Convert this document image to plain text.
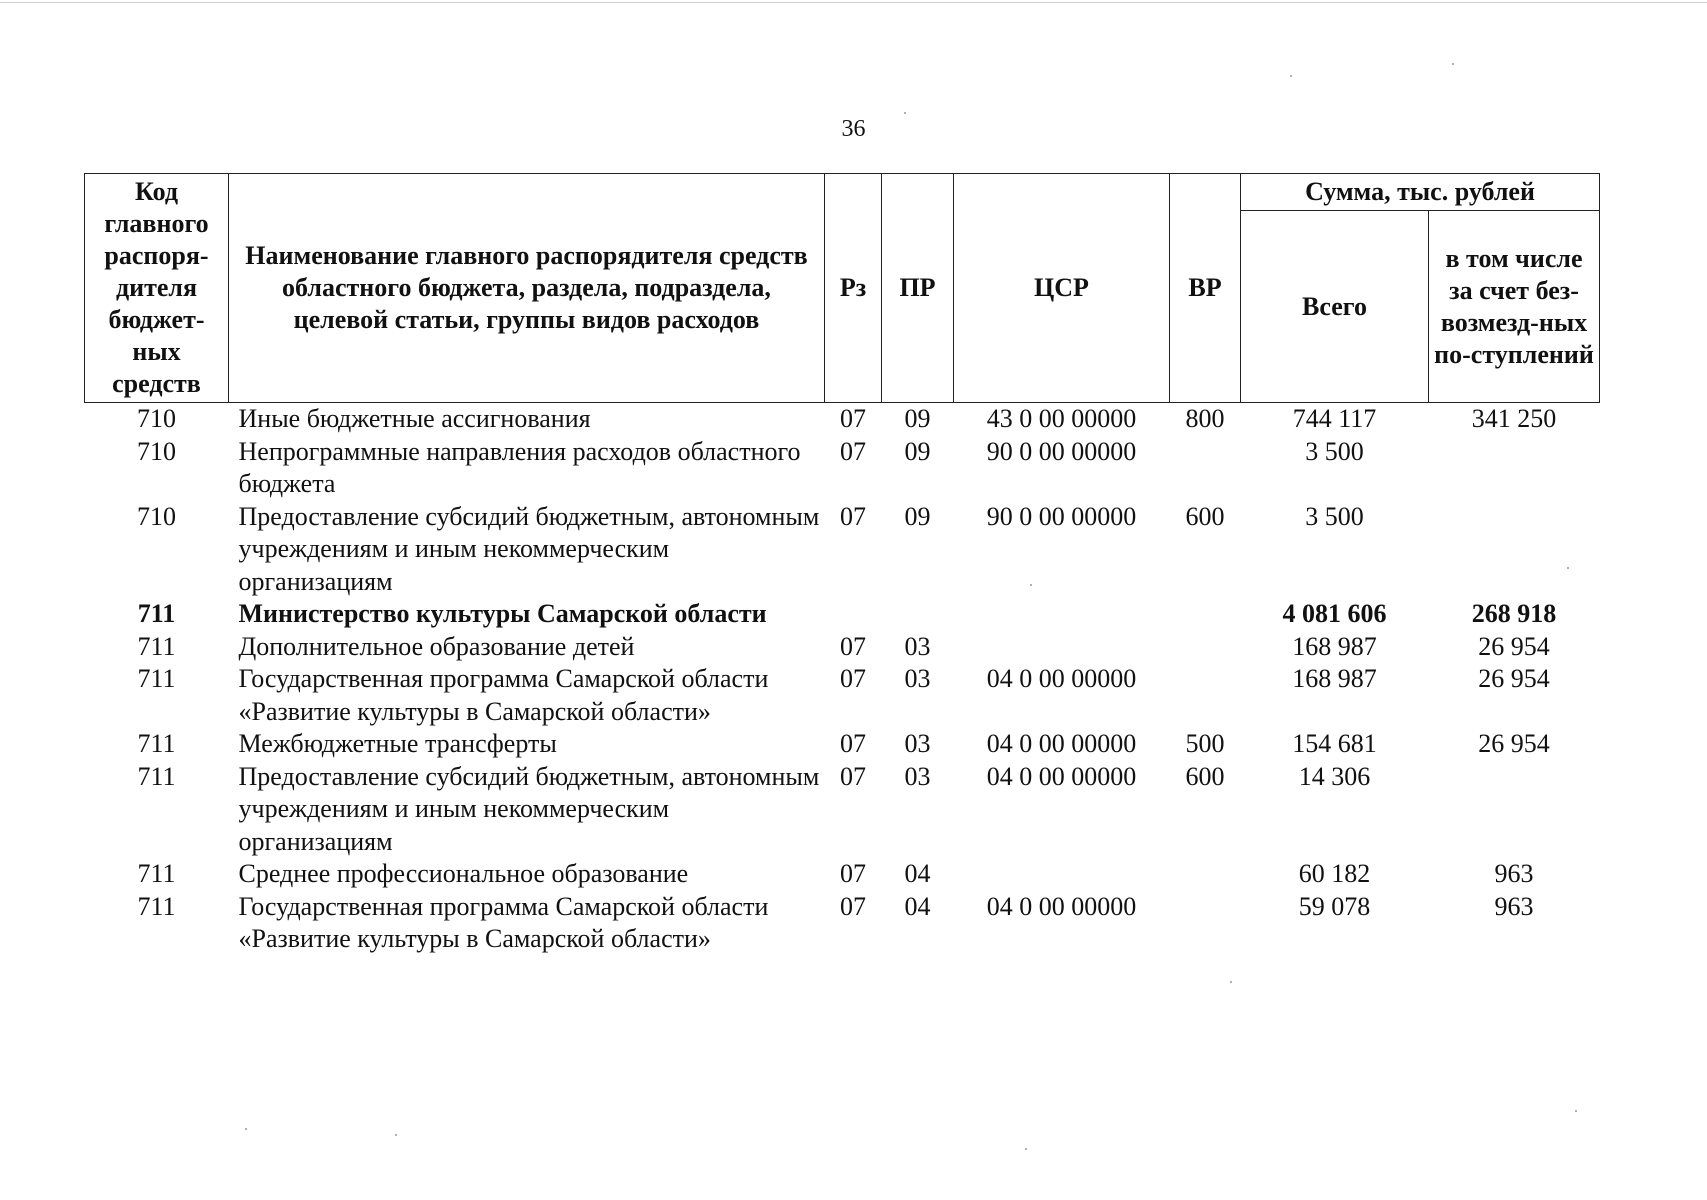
36
Код главного распоря-дителя бюджет-ных средств	Наименование главного распорядителя средств областного бюджета, раздела, подраздела, целевой статьи, группы видов расходов	Рз	ПР	ЦСР	ВР	Сумма, тыс. рублей	
						Всего	в том числе за счет без-возмезд-ных по-ступлений
710	Иные бюджетные ассигнования	07	09	43 0 00 00000	800	744 117	341 250
710	Непрограммные направления расходов областного бюджета	07	09	90 0 00 00000		3 500	
710	Предоставление субсидий бюджетным, автономным учреждениям и иным некоммерческим организациям	07	09	90 0 00 00000	600	3 500	
711	Министерство культуры Самарской области					4 081 606	268 918
711	Дополнительное образование детей	07	03			168 987	26 954
711	Государственная программа Самарской области «Развитие культуры в Самарской области»	07	03	04 0 00 00000		168 987	26 954
711	Межбюджетные трансферты	07	03	04 0 00 00000	500	154 681	26 954
711	Предоставление субсидий бюджетным, автономным учреждениям и иным некоммерческим организациям	07	03	04 0 00 00000	600	14 306	
711	Среднее профессиональное образование	07	04			60 182	963
711	Государственная программа Самарской области «Развитие культуры в Самарской области»	07	04	04 0 00 00000		59 078	963
